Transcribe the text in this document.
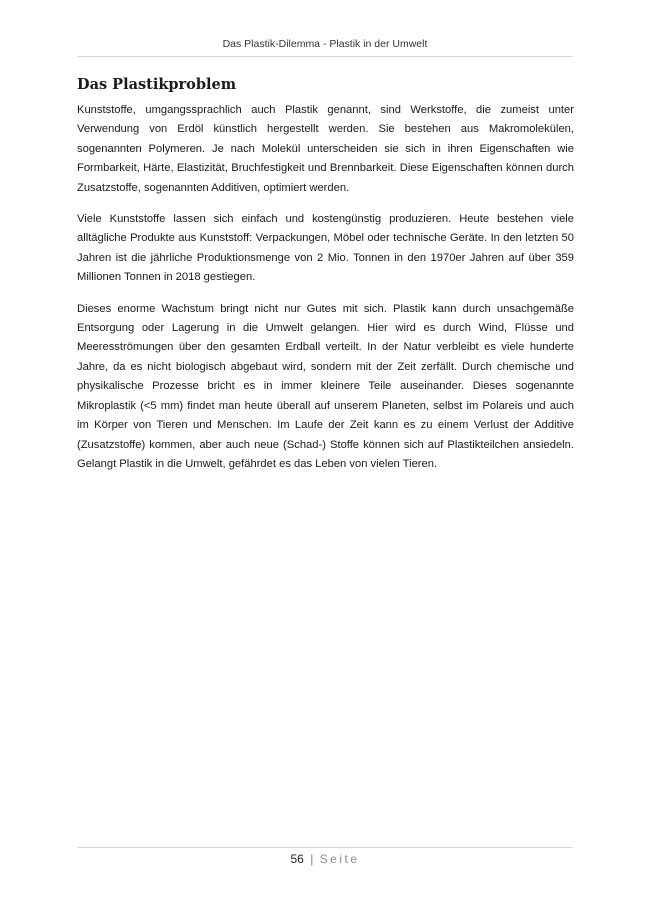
Das Plastik-Dilemma - Plastik in der Umwelt
Das Plastikproblem

Kunststoffe, umgangssprachlich auch Plastik genannt, sind Werkstoffe, die zumeist unter Verwendung von Erdöl künstlich hergestellt werden. Sie bestehen aus Makromolekülen, sogenannten Polymeren. Je nach Molekül unterscheiden sie sich in ihren Eigenschaften wie Formbarkeit, Härte, Elastizität, Bruchfestigkeit und Brennbarkeit. Diese Eigenschaften können durch Zusatzstoffe, sogenannten Additiven, optimiert werden.

Viele Kunststoffe lassen sich einfach und kostengünstig produzieren. Heute bestehen viele alltägliche Produkte aus Kunststoff: Verpackungen, Möbel oder technische Geräte. In den letzten 50 Jahren ist die jährliche Produktionsmenge von 2 Mio. Tonnen in den 1970er Jahren auf über 359 Millionen Tonnen in 2018 gestiegen.

Dieses enorme Wachstum bringt nicht nur Gutes mit sich. Plastik kann durch unsachgemäße Entsorgung oder Lagerung in die Umwelt gelangen. Hier wird es durch Wind, Flüsse und Meeresströmungen über den gesamten Erdball verteilt. In der Natur verbleibt es viele hunderte Jahre, da es nicht biologisch abgebaut wird, sondern mit der Zeit zerfällt. Durch chemische und physikalische Prozesse bricht es in immer kleinere Teile auseinander. Dieses sogenannte Mikroplastik (<5 mm) findet man heute überall auf unserem Planeten, selbst im Polareis und auch im Körper von Tieren und Menschen. Im Laufe der Zeit kann es zu einem Verlust der Additive (Zusatzstoffe) kommen, aber auch neue (Schad-) Stoffe können sich auf Plastikteilchen ansiedeln. Gelangt Plastik in die Umwelt, gefährdet es das Leben von vielen Tieren.

56 | Seite
